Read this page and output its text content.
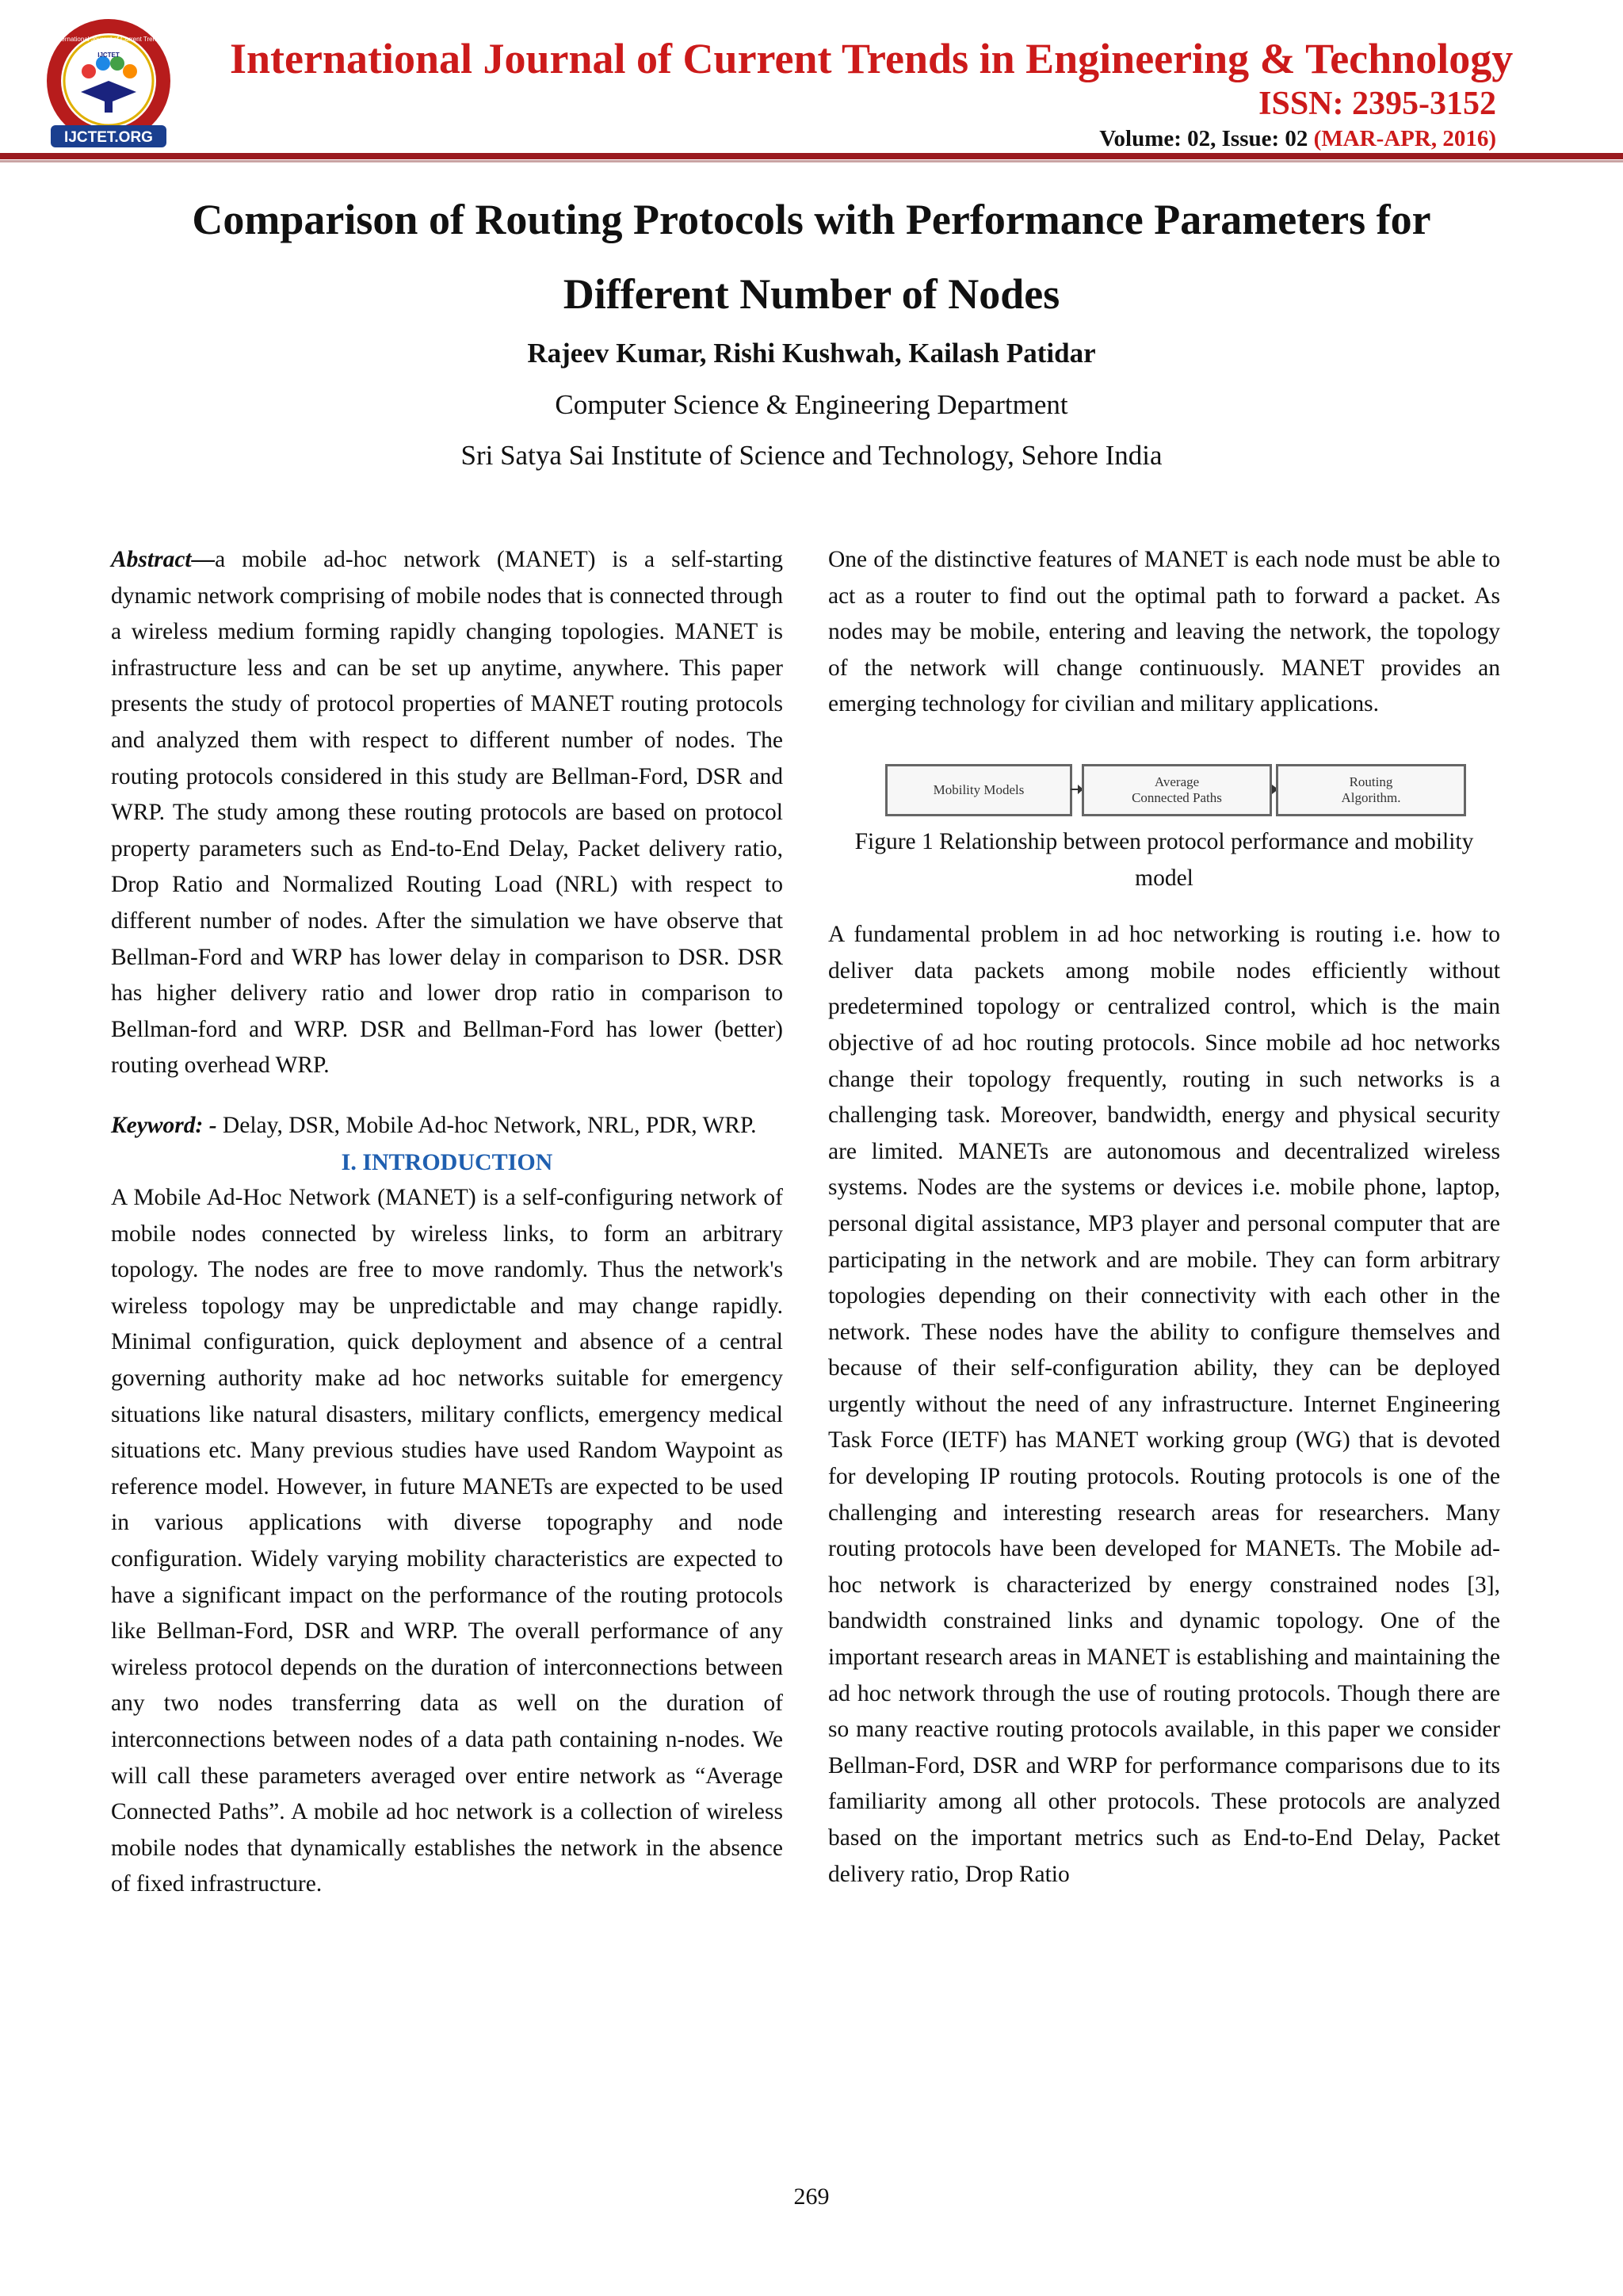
IJCTET.ORG
International Journal of Current Trends
IJCTET	International Journal of Current Trends in Engineering & Technology

ISSN: 2395-3152

Volume: 02, Issue: 02 (MAR-APR, 2016)

Comparison of Routing Protocols with Performance Parameters for
Different Number of Nodes

Rajeev Kumar, Rishi Kushwah, Kailash Patidar

Computer Science & Engineering Department

Sri Satya Sai Institute of Science and Technology, Sehore India

Abstract—a mobile ad-hoc network (MANET) is a self-starting dynamic network comprising of mobile nodes that is connected through a wireless medium forming rapidly changing topologies. MANET is infrastructure less and can be set up anytime, anywhere. This paper presents the study of protocol properties of MANET routing protocols and analyzed them with respect to different number of nodes. The routing protocols considered in this study are Bellman-Ford, DSR and WRP. The study among these routing protocols are based on protocol property parameters such as End-to-End Delay, Packet delivery ratio, Drop Ratio and Normalized Routing Load (NRL) with respect to different number of nodes. After the simulation we have observe that Bellman-Ford and WRP has lower delay in comparison to DSR. DSR has higher delivery ratio and lower drop ratio in comparison to Bellman-ford and WRP. DSR and Bellman-Ford has lower (better) routing overhead WRP.

Keyword: - Delay, DSR, Mobile Ad-hoc Network, NRL, PDR, WRP.

I. INTRODUCTION

A Mobile Ad-Hoc Network (MANET) is a self-configuring network of mobile nodes connected by wireless links, to form an arbitrary topology. The nodes are free to move randomly. Thus the network's wireless topology may be unpredictable and may change rapidly. Minimal configuration, quick deployment and absence of a central governing authority make ad hoc networks suitable for emergency situations like natural disasters, military conflicts, emergency medical situations etc. Many previous studies have used Random Waypoint as reference model. However, in future MANETs are expected to be used in various applications with diverse topography and node configuration. Widely varying mobility characteristics are expected to have a significant impact on the performance of the routing protocols like Bellman-Ford, DSR and WRP. The overall performance of any wireless protocol depends on the duration of interconnections between any two nodes transferring data as well on the duration of interconnections between nodes of a data path containing n-nodes. We will call these parameters averaged over entire network as “Average Connected Paths”. A mobile ad hoc network is a collection of wireless mobile nodes that dynamically establishes the network in the absence of fixed infrastructure.

One of the distinctive features of MANET is each node must be able to act as a router to find out the optimal path to forward a packet. As nodes may be mobile, entering and leaving the network, the topology of the network will change continuously. MANET provides an emerging technology for civilian and military applications.

Mobility Models
Average
Connected Paths
Routing
Algorithm.

Figure 1 Relationship between protocol performance and mobility model

A fundamental problem in ad hoc networking is routing i.e. how to deliver data packets among mobile nodes efficiently without predetermined topology or centralized control, which is the main objective of ad hoc routing protocols. Since mobile ad hoc networks change their topology frequently, routing in such networks is a challenging task. Moreover, bandwidth, energy and physical security are limited. MANETs are autonomous and decentralized wireless systems. Nodes are the systems or devices i.e. mobile phone, laptop, personal digital assistance, MP3 player and personal computer that are participating in the network and are mobile. They can form arbitrary topologies depending on their connectivity with each other in the network. These nodes have the ability to configure themselves and because of their self-configuration ability, they can be deployed urgently without the need of any infrastructure. Internet Engineering Task Force (IETF) has MANET working group (WG) that is devoted for developing IP routing protocols. Routing protocols is one of the challenging and interesting research areas for researchers. Many routing protocols have been developed for MANETs. The Mobile ad-hoc network is characterized by energy constrained nodes [3], bandwidth constrained links and dynamic topology. One of the important research areas in MANET is establishing and maintaining the ad hoc network through the use of routing protocols. Though there are so many reactive routing protocols available, in this paper we consider Bellman-Ford, DSR and WRP for performance comparisons due to its familiarity among all other protocols. These protocols are analyzed based on the important metrics such as End-to-End Delay, Packet delivery ratio, Drop Ratio

269
